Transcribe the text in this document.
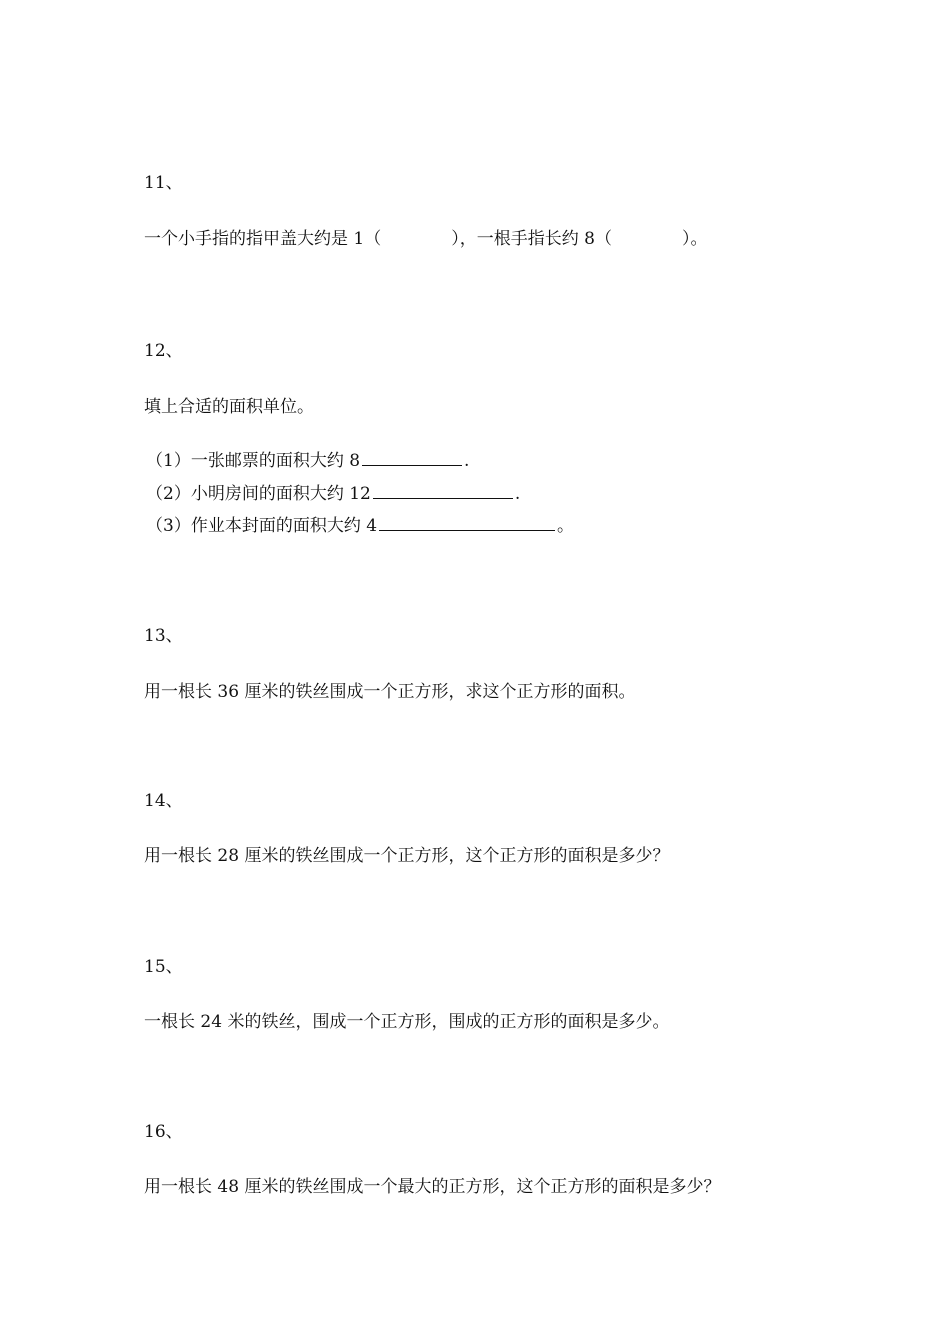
11、
一个小手指的指甲盖大约是 1（	），一根手指长约 8（	）。
12、
填上合适的面积单位。
（1）一张邮票的面积大约 8	.
（2）小明房间的面积大约 12	.
（3）作业本封面的面积大约 4	。
13、
用一根长 36 厘米的铁丝围成一个正方形，求这个正方形的面积。
14、
用一根长 28 厘米的铁丝围成一个正方形，这个正方形的面积是多少？
15、
一根长 24 米的铁丝，围成一个正方形，围成的正方形的面积是多少。
16、
用一根长 48 厘米的铁丝围成一个最大的正方形，这个正方形的面积是多少？
